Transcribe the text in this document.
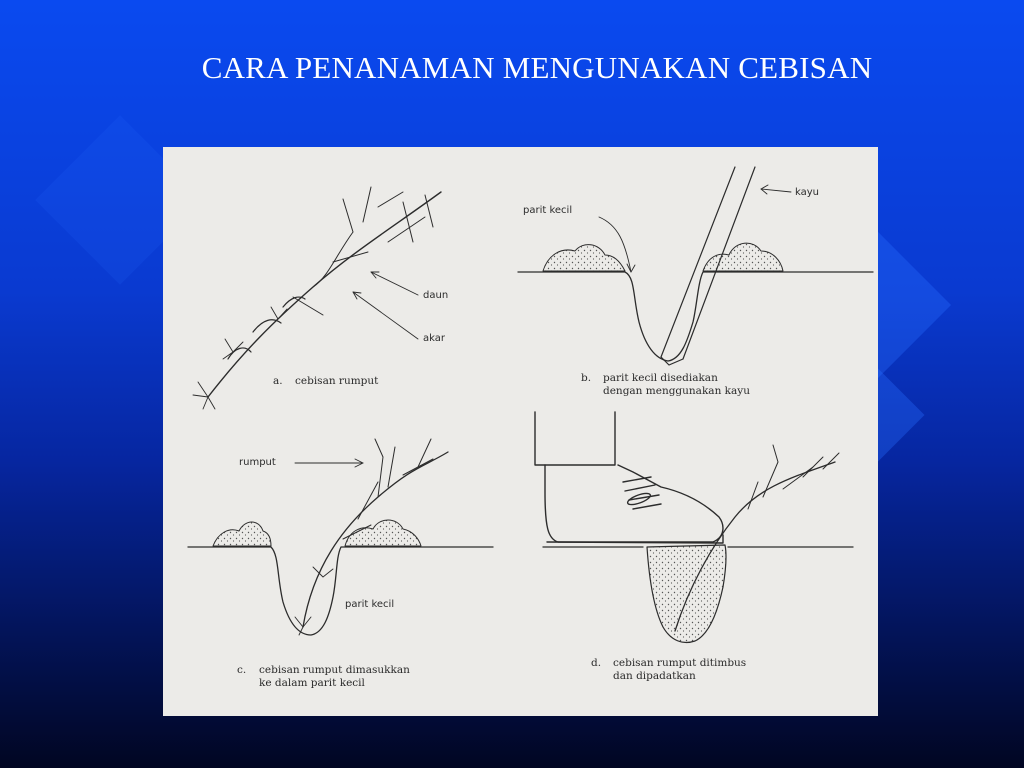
CARA PENANAMAN MENGUNAKAN CEBISAN
daun
akar
a. cebisan rumput
parit kecil
kayu
b. parit kecil disediakan
dengan menggunakan kayu
rumput
parit kecil
c. cebisan rumput dimasukkan
ke dalam parit kecil
d. cebisan rumput ditimbus
dan dipadatkan
